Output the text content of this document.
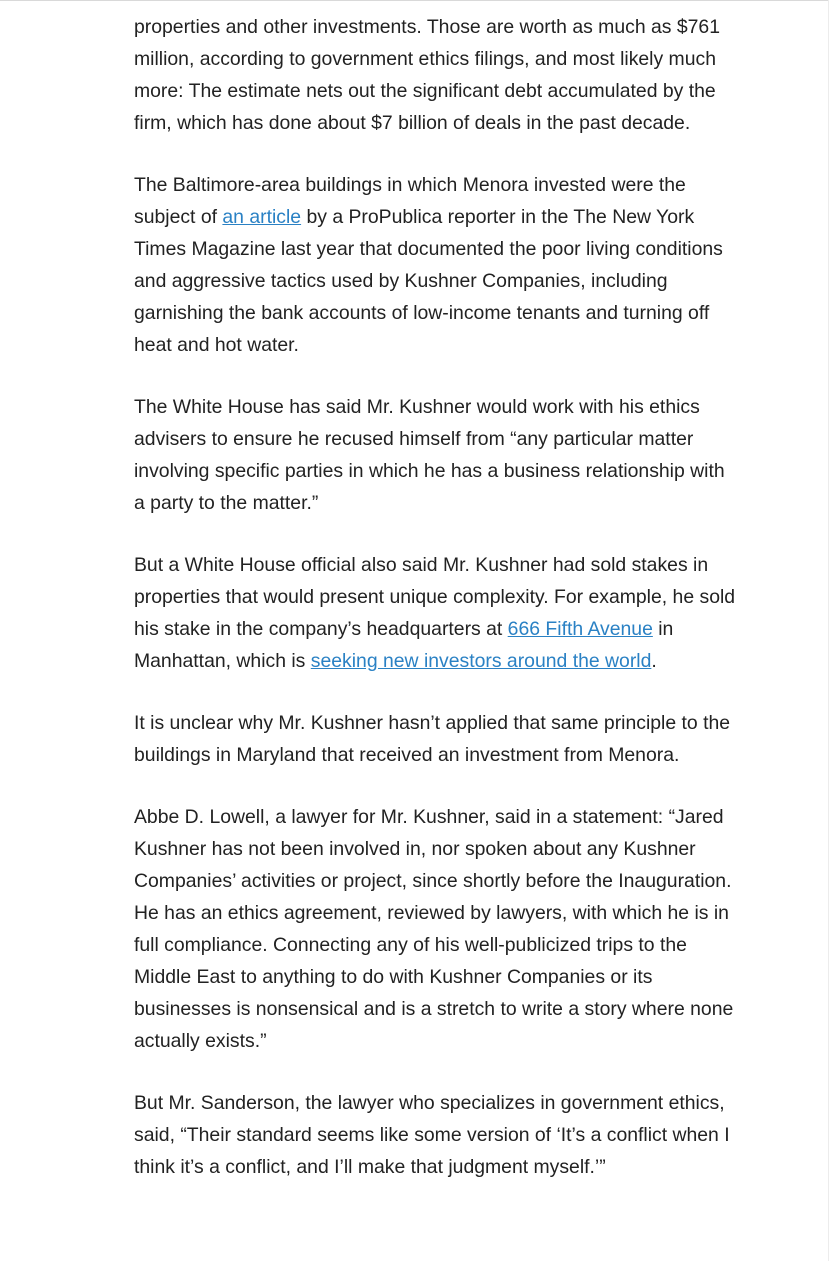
properties and other investments. Those are worth as much as $761 million, according to government ethics filings, and most likely much more: The estimate nets out the significant debt accumulated by the firm, which has done about $7 billion of deals in the past decade.

The Baltimore-area buildings in which Menora invested were the subject of an article by a ProPublica reporter in the The New York Times Magazine last year that documented the poor living conditions and aggressive tactics used by Kushner Companies, including garnishing the bank accounts of low-income tenants and turning off heat and hot water.

The White House has said Mr. Kushner would work with his ethics advisers to ensure he recused himself from “any particular matter involving specific parties in which he has a business relationship with a party to the matter.”

But a White House official also said Mr. Kushner had sold stakes in properties that would present unique complexity. For example, he sold his stake in the company’s headquarters at 666 Fifth Avenue in Manhattan, which is seeking new investors around the world.

It is unclear why Mr. Kushner hasn’t applied that same principle to the buildings in Maryland that received an investment from Menora.

Abbe D. Lowell, a lawyer for Mr. Kushner, said in a statement: “Jared Kushner has not been involved in, nor spoken about any Kushner Companies’ activities or project, since shortly before the Inauguration. He has an ethics agreement, reviewed by lawyers, with which he is in full compliance. Connecting any of his well-publicized trips to the Middle East to anything to do with Kushner Companies or its businesses is nonsensical and is a stretch to write a story where none actually exists.”

But Mr. Sanderson, the lawyer who specializes in government ethics, said, “Their standard seems like some version of ‘It’s a conflict when I think it’s a conflict, and I’ll make that judgment myself.’”
